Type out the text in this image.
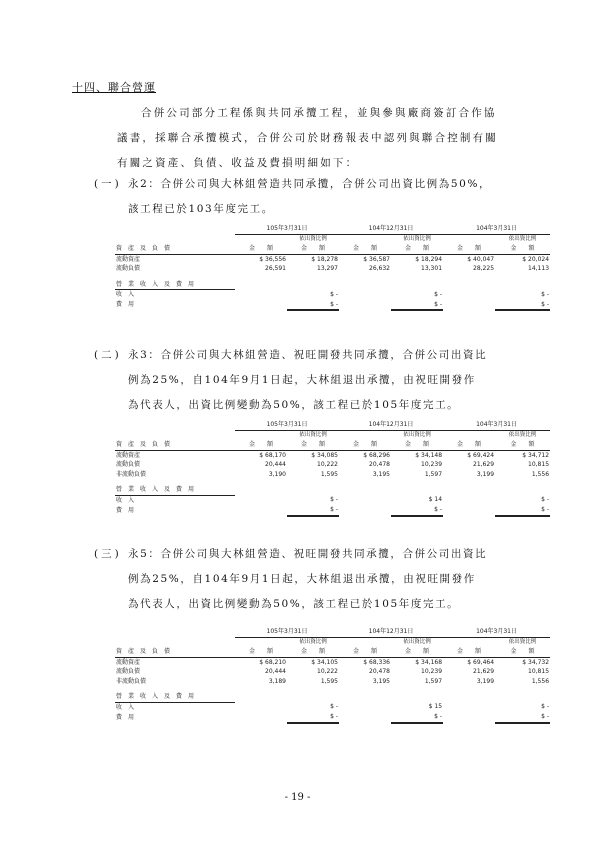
十四、聯合營運
合併公司部分工程係與共同承攬工程，並與參與廠商簽訂合作協
議書，採聯合承攬模式，合併公司於財務報表中認列與聯合控制有關
有關之資產、負債、收益及費損明細如下：
(一) 永2：合併公司與大林組營造共同承攬，合併公司出資比例為50%，
該工程已於103年度完工。
	105年3月31日		104年12月31日		104年3月31日	
		依出資比例		依出資比例		依出資比例
資　產　及　負　債	金　　額	金　　額	金　　額	金　　額	金　　額	金　　額
流動資產	$ 36,556	$ 18,278	$ 36,587	$ 18,294	$ 40,047	$ 20,024
流動負債	26,591	13,297	26,632	13,301	28,225	14,113

營　業　收　入　及　費　用						
收　入		$ -		$ -		$ -
費　用		$ -		$ -		$ -
(二) 永3：合併公司與大林組營造、祝旺開發共同承攬，合併公司出資比
例為25%，自104年9月1日起，大林組退出承攬，由祝旺開發作
為代表人，出資比例變動為50%，該工程已於105年度完工。
	105年3月31日		104年12月31日		104年3月31日	
		依出資比例		依出資比例		依出資比例
資　產　及　負　債	金　　額	金　　額	金　　額	金　　額	金　　額	金　　額
流動資產	$ 68,170	$ 34,085	$ 68,296	$ 34,148	$ 69,424	$ 34,712
流動負債	20,444	10,222	20,478	10,239	21,629	10,815
非流動負債	3,190	1,595	3,195	1,597	3,199	1,556

營　業　收　入　及　費　用						
收　入		$ -		$ 14		$ -
費　用		$ -		$ -		$ -
(三) 永5：合併公司與大林組營造、祝旺開發共同承攬，合併公司出資比
例為25%，自104年9月1日起，大林組退出承攬，由祝旺開發作
為代表人，出資比例變動為50%，該工程已於105年度完工。
	105年3月31日		104年12月31日		104年3月31日	
		依出資比例		依出資比例		依出資比例
資　產　及　負　債	金　　額	金　　額	金　　額	金　　額	金　　額	金　　額
流動資產	$ 68,210	$ 34,105	$ 68,336	$ 34,168	$ 69,464	$ 34,732
流動負債	20,444	10,222	20,478	10,239	21,629	10,815
非流動負債	3,189	1,595	3,195	1,597	3,199	1,556

營　業　收　入　及　費　用						
收　入		$ -		$ 15		$ -
費　用		$ -		$ -		$ -
- 19 -
